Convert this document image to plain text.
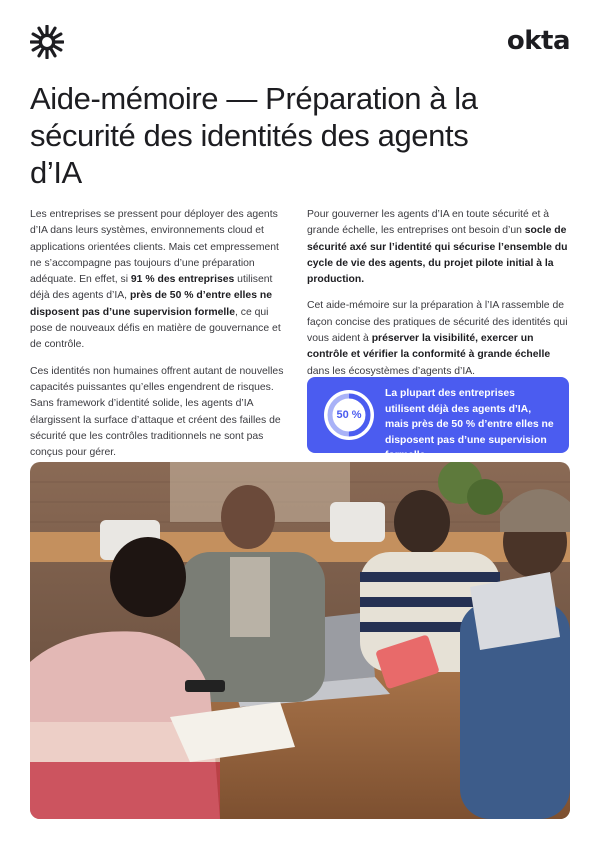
okta
Aide-mémoire — Préparation à la sécurité des identités des agents d’IA

Les entreprises se pressent pour déployer des agents d’IA dans leurs systèmes, environnements cloud et applications orientées clients. Mais cet empressement ne s’accompagne pas toujours d’une préparation adéquate. En effet, si 91 % des entreprises utilisent déjà des agents d’IA, près de 50 % d’entre elles ne disposent pas d’une supervision formelle, ce qui pose de nouveaux défis en matière de gouvernance et de contrôle.

Ces identités non humaines offrent autant de nouvelles capacités puissantes qu’elles engendrent de risques. Sans framework d’identité solide, les agents d’IA élargissent la surface d’attaque et créent des failles de sécurité que les contrôles traditionnels ne sont pas conçus pour gérer.

Pour gouverner les agents d’IA en toute sécurité et à grande échelle, les entreprises ont besoin d’un socle de sécurité axé sur l’identité qui sécurise l’ensemble du cycle de vie des agents, du projet pilote initial à la production.

Cet aide-mémoire sur la préparation à l’IA rassemble de façon concise des pratiques de sécurité des identités qui vous aident à préserver la visibilité, exercer un contrôle et vérifier la conformité à grande échelle dans les écosystèmes d’agents d’IA.

50 %
La plupart des entreprises utilisent déjà des agents d’IA, mais près de 50 % d’entre elles ne disposent pas d’une supervision formelle.
